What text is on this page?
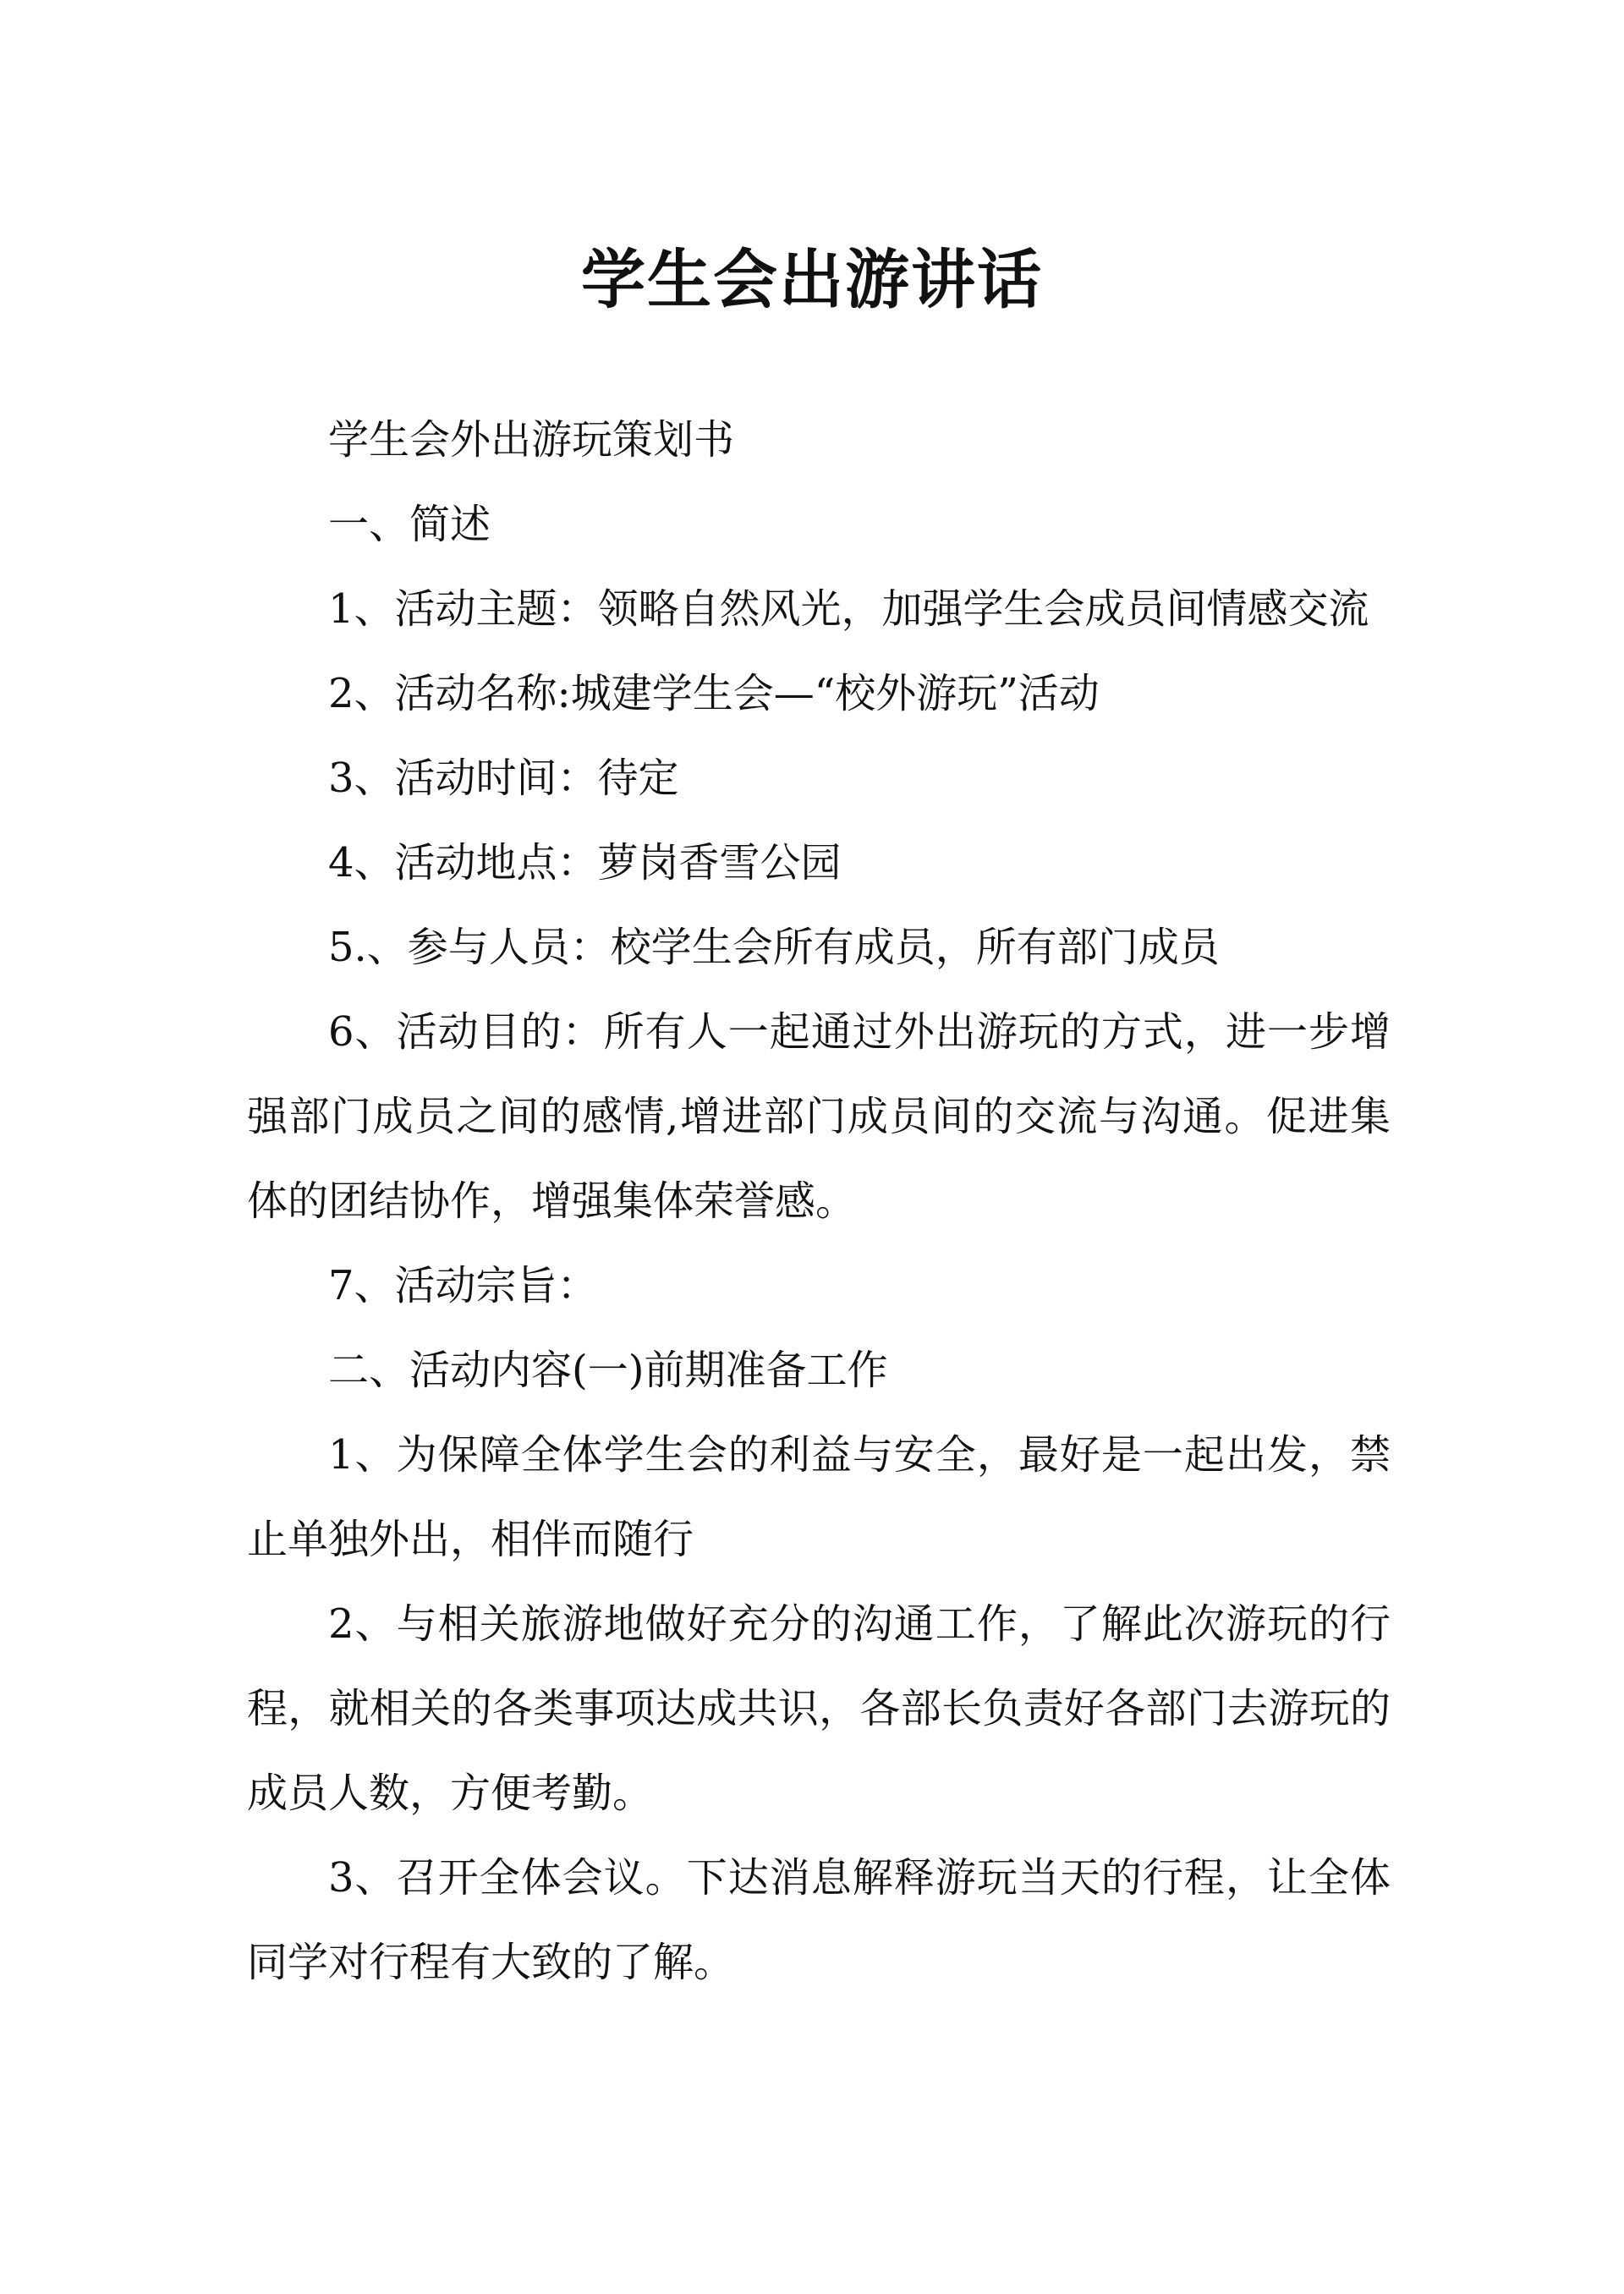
学生会出游讲话

学生会外出游玩策划书

一、简述

1、活动主题：领略自然风光，加强学生会成员间情感交流

2、活动名称:城建学生会—“校外游玩”活动

3、活动时间：待定

4、活动地点：萝岗香雪公园

5.、参与人员：校学生会所有成员，所有部门成员

6、活动目的：所有人一起通过外出游玩的方式，进一步增强部门成员之间的感情,增进部门成员间的交流与沟通。促进集体的团结协作，增强集体荣誉感。

7、活动宗旨：

二、活动内容(一)前期准备工作

1、为保障全体学生会的利益与安全，最好是一起出发，禁止单独外出，相伴而随行

2、与相关旅游地做好充分的沟通工作，了解此次游玩的行程，就相关的各类事项达成共识，各部长负责好各部门去游玩的成员人数，方便考勤。

3、召开全体会议。下达消息解释游玩当天的行程，让全体同学对行程有大致的了解。
